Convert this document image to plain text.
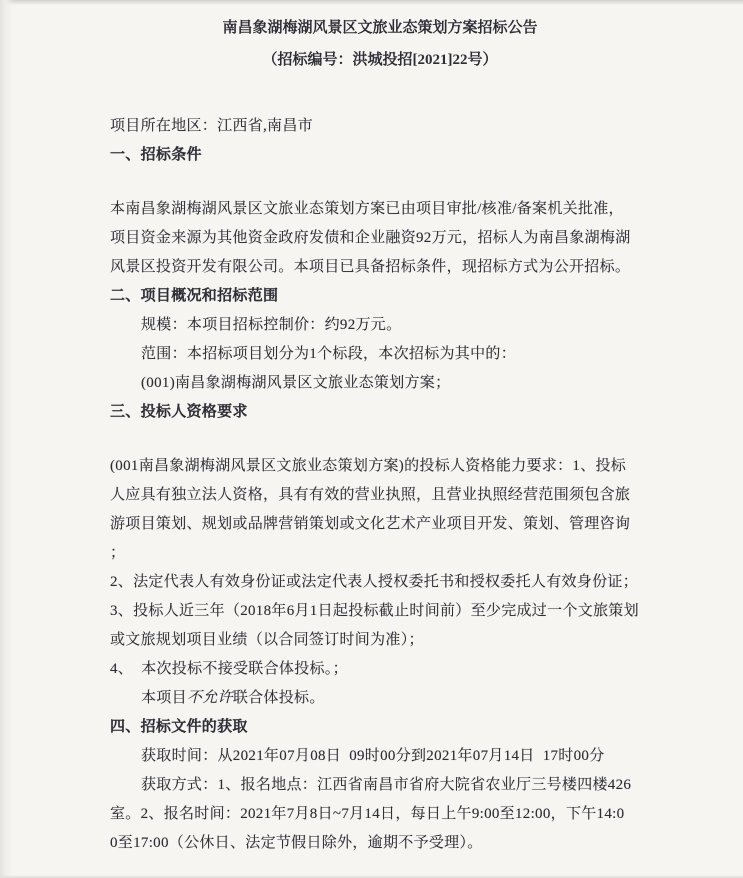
南昌象湖梅湖风景区文旅业态策划方案招标公告
（招标编号：洪城投招[2021]22号）
项目所在地区：江西省,南昌市
一、招标条件
本南昌象湖梅湖风景区文旅业态策划方案已由项目审批/核准/备案机关批准，
项目资金来源为其他资金政府发债和企业融资92万元，招标人为南昌象湖梅湖
风景区投资开发有限公司。本项目已具备招标条件，现招标方式为公开招标。
二、项目概况和招标范围
规模：本项目招标控制价：约92万元。
范围：本招标项目划分为1个标段，本次招标为其中的：
(001)南昌象湖梅湖风景区文旅业态策划方案；
三、投标人资格要求
(001南昌象湖梅湖风景区文旅业态策划方案)的投标人资格能力要求：1、投标
人应具有独立法人资格，具有有效的营业执照，且营业执照经营范围须包含旅
游项目策划、规划或品牌营销策划或文化艺术产业项目开发、策划、管理咨询
；
2、法定代表人有效身份证或法定代表人授权委托书和授权委托人有效身份证；
3、投标人近三年（2018年6月1日起投标截止时间前）至少完成过一个文旅策划
或文旅规划项目业绩（以合同签订时间为准）；
4、  本次投标不接受联合体投标。；
本项目不允许联合体投标。
四、招标文件的获取
获取时间：从2021年07月08日  09时00分到2021年07月14日  17时00分
获取方式：1、报名地点：江西省南昌市省府大院省农业厅三号楼四楼426
室。2、报名时间：2021年7月8日~7月14日，每日上午9:00至12:00，下午14:0
0至17:00（公休日、法定节假日除外，逾期不予受理）。
